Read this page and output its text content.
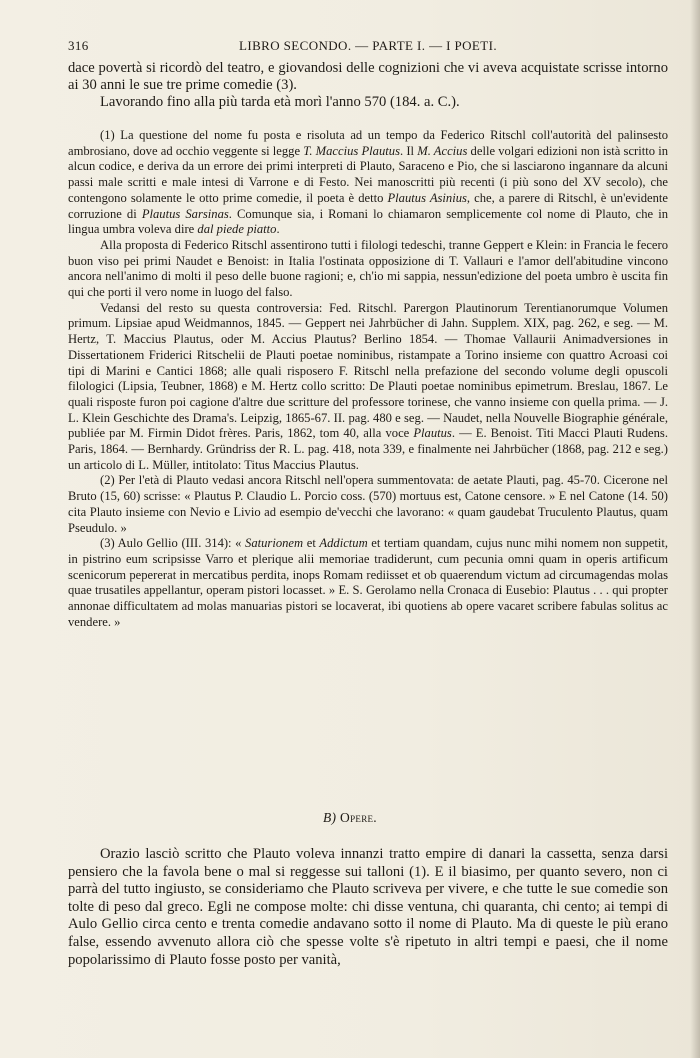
316	LIBRO SECONDO. — PARTE I. — I POETI.

dace povertà si ricordò del teatro, e giovandosi delle cognizioni che vi aveva acquistate scrisse intorno ai 30 anni le sue tre prime comedie (3).

Lavorando fino alla più tarda età morì l'anno 570 (184. a. C.).

(1) La questione del nome fu posta e risoluta ad un tempo da Federico Ritschl coll'autorità del palinsesto ambrosiano, dove ad occhio veggente si legge T. Maccius Plautus. Il M. Accius delle volgari edizioni non istà scritto in alcun codice, e deriva da un errore dei primi interpreti di Plauto, Saraceno e Pio, che si lasciarono ingannare da alcuni passi male scritti e male intesi di Varrone e di Festo. Nei manoscritti più recenti (i più sono del XV secolo), che contengono solamente le otto prime comedie, il poeta è detto Plautus Asinius, che, a parere di Ritschl, è un'evidente corruzione di Plautus Sarsinas. Comunque sia, i Romani lo chiamaron semplicemente col nome di Plauto, che in lingua umbra voleva dire dal piede piatto.

Alla proposta di Federico Ritschl assentirono tutti i filologi tedeschi, tranne Geppert e Klein: in Francia le fecero buon viso pei primi Naudet e Benoist: in Italia l'ostinata opposizione di T. Vallauri e l'amor dell'abitudine vincono ancora nell'animo di molti il peso delle buone ragioni; e, ch'io mi sappia, nessun'edizione del poeta umbro è uscita fin qui che porti il vero nome in luogo del falso.

Vedansi del resto su questa controversia: Fed. Ritschl. Parergon Plautinorum Terentianorumque Volumen primum. Lipsiae apud Weidmannos, 1845. — Geppert nei Jahrbücher di Jahn. Supplem. XIX, pag. 262, e seg. — M. Hertz, T. Maccius Plautus, oder M. Accius Plautus? Berlino 1854. — Thomae Vallaurii Animadversiones in Dissertationem Friderici Ritschelii de Plauti poetae nominibus, ristampate a Torino insieme con quattro Acroasi coi tipi di Marini e Cantici 1868; alle quali risposero F. Ritschl nella prefazione del secondo volume degli opuscoli filologici (Lipsia, Teubner, 1868) e M. Hertz collo scritto: De Plauti poetae nominibus epimetrum. Breslau, 1867. Le quali risposte furon poi cagione d'altre due scritture del professore torinese, che vanno insieme con quella prima. — J. L. Klein Geschichte des Drama's. Leipzig, 1865-67. II. pag. 480 e seg. — Naudet, nella Nouvelle Biographie générale, publiée par M. Firmin Didot frères. Paris, 1862, tom 40, alla voce Plautus. — E. Benoist. Titi Macci Plauti Rudens. Paris, 1864. — Bernhardy. Gründriss der R. L. pag. 418, nota 339, e finalmente nei Jahrbücher (1868, pag. 212 e seg.) un articolo di L. Müller, intitolato: Titus Maccius Plautus.

(2) Per l'età di Plauto vedasi ancora Ritschl nell'opera summentovata: de aetate Plauti, pag. 45-70. Cicerone nel Bruto (15, 60) scrisse: « Plautus P. Claudio L. Porcio coss. (570) mortuus est, Catone censore. » E nel Catone (14. 50) cita Plauto insieme con Nevio e Livio ad esempio de'vecchi che lavorano: « quam gaudebat Truculento Plautus, quam Pseudulo. »

(3) Aulo Gellio (III. 314): « Saturionem et Addictum et tertiam quandam, cujus nunc mihi nomem non suppetit, in pistrino eum scripsisse Varro et plerique alii memoriae tradiderunt, cum pecunia omni quam in operis artificum scenicorum pepererat in mercatibus perdita, inops Romam rediisset et ob quaerendum victum ad circumagendas molas quae trusatiles appellantur, operam pistori locasset. » E. S. Gerolamo nella Cronaca di Eusebio: Plautus . . . qui propter annonae difficultatem ad molas manuarias pistori se locaverat, ibi quotiens ab opere vacaret scribere fabulas solitus ac vendere. »

B) Opere.

Orazio lasciò scritto che Plauto voleva innanzi tratto empire di danari la cassetta, senza darsi pensiero che la favola bene o mal si reggesse sui talloni (1). E il biasimo, per quanto severo, non ci parrà del tutto ingiusto, se consideriamo che Plauto scriveva per vivere, e che tutte le sue comedie son tolte di peso dal greco. Egli ne compose molte: chi disse ventuna, chi quaranta, chi cento; ai tempi di Aulo Gellio circa cento e trenta comedie andavano sotto il nome di Plauto. Ma di queste le più erano false, essendo avvenuto allora ciò che spesse volte s'è ripetuto in altri tempi e paesi, che il nome popolarissimo di Plauto fosse posto per vanità,
